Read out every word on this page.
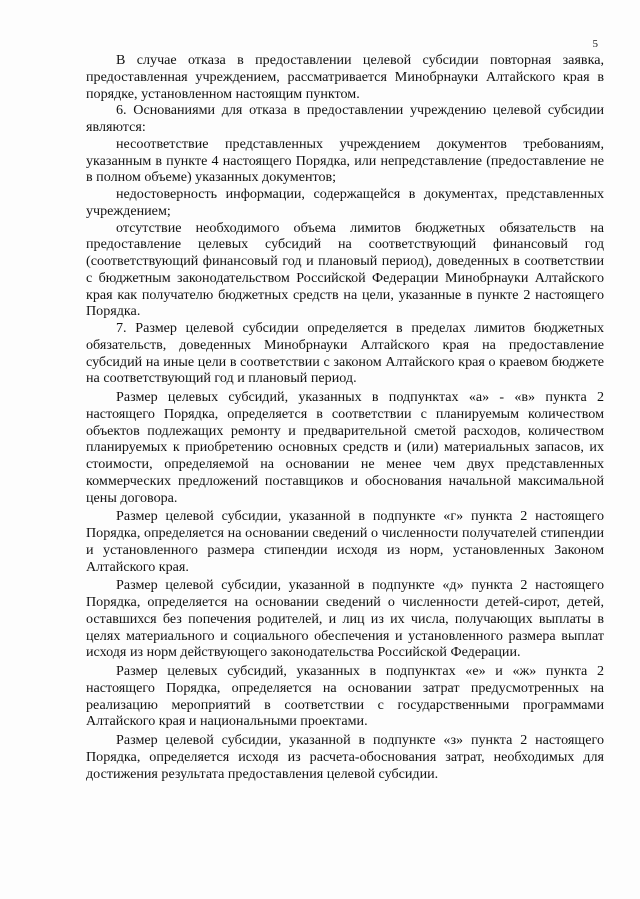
5

В случае отказа в предоставлении целевой субсидии повторная заявка, предоставленная учреждением, рассматривается Минобрнауки Алтайского края в порядке, установленном настоящим пунктом.

6. Основаниями для отказа в предоставлении учреждению целевой субсидии являются:

несоответствие представленных учреждением документов требованиям, указанным в пункте 4 настоящего Порядка, или непредставление (предоставление не в полном объеме) указанных документов;

недостоверность информации, содержащейся в документах, представленных учреждением;

отсутствие необходимого объема лимитов бюджетных обязательств на предоставление целевых субсидий на соответствующий финансовый год (соответствующий финансовый год и плановый период), доведенных в соответствии с бюджетным законодательством Российской Федерации Минобрнауки Алтайского края как получателю бюджетных средств на цели, указанные в пункте 2 настоящего Порядка.

7. Размер целевой субсидии определяется в пределах лимитов бюджетных обязательств, доведенных Минобрнауки Алтайского края на предоставление субсидий на иные цели в соответствии с законом Алтайского края о краевом бюджете на соответствующий год и плановый период.

Размер целевых субсидий, указанных в подпунктах «а» - «в» пункта 2 настоящего Порядка, определяется в соответствии с планируемым количеством объектов подлежащих ремонту и предварительной сметой расходов, количеством планируемых к приобретению основных средств и (или) материальных запасов, их стоимости, определяемой на основании не менее чем двух представленных коммерческих предложений поставщиков и обоснования начальной максимальной цены договора.

Размер целевой субсидии, указанной в подпункте «г» пункта 2 настоящего Порядка, определяется на основании сведений о численности получателей стипендии и установленного размера стипендии исходя из норм, установленных Законом Алтайского края.

Размер целевой субсидии, указанной в подпункте «д» пункта 2 настоящего Порядка, определяется на основании сведений о численности детей-сирот, детей, оставшихся без попечения родителей, и лиц из их числа, получающих выплаты в целях материального и социального обеспечения и установленного размера выплат исходя из норм действующего законодательства Российской Федерации.

Размер целевых субсидий, указанных в подпунктах «е» и «ж» пункта 2 настоящего Порядка, определяется на основании затрат предусмотренных на реализацию мероприятий в соответствии с государственными программами Алтайского края и национальными проектами.

Размер целевой субсидии, указанной в подпункте «з» пункта 2 настоящего Порядка, определяется исходя из расчета-обоснования затрат, необходимых для достижения результата предоставления целевой субсидии.
